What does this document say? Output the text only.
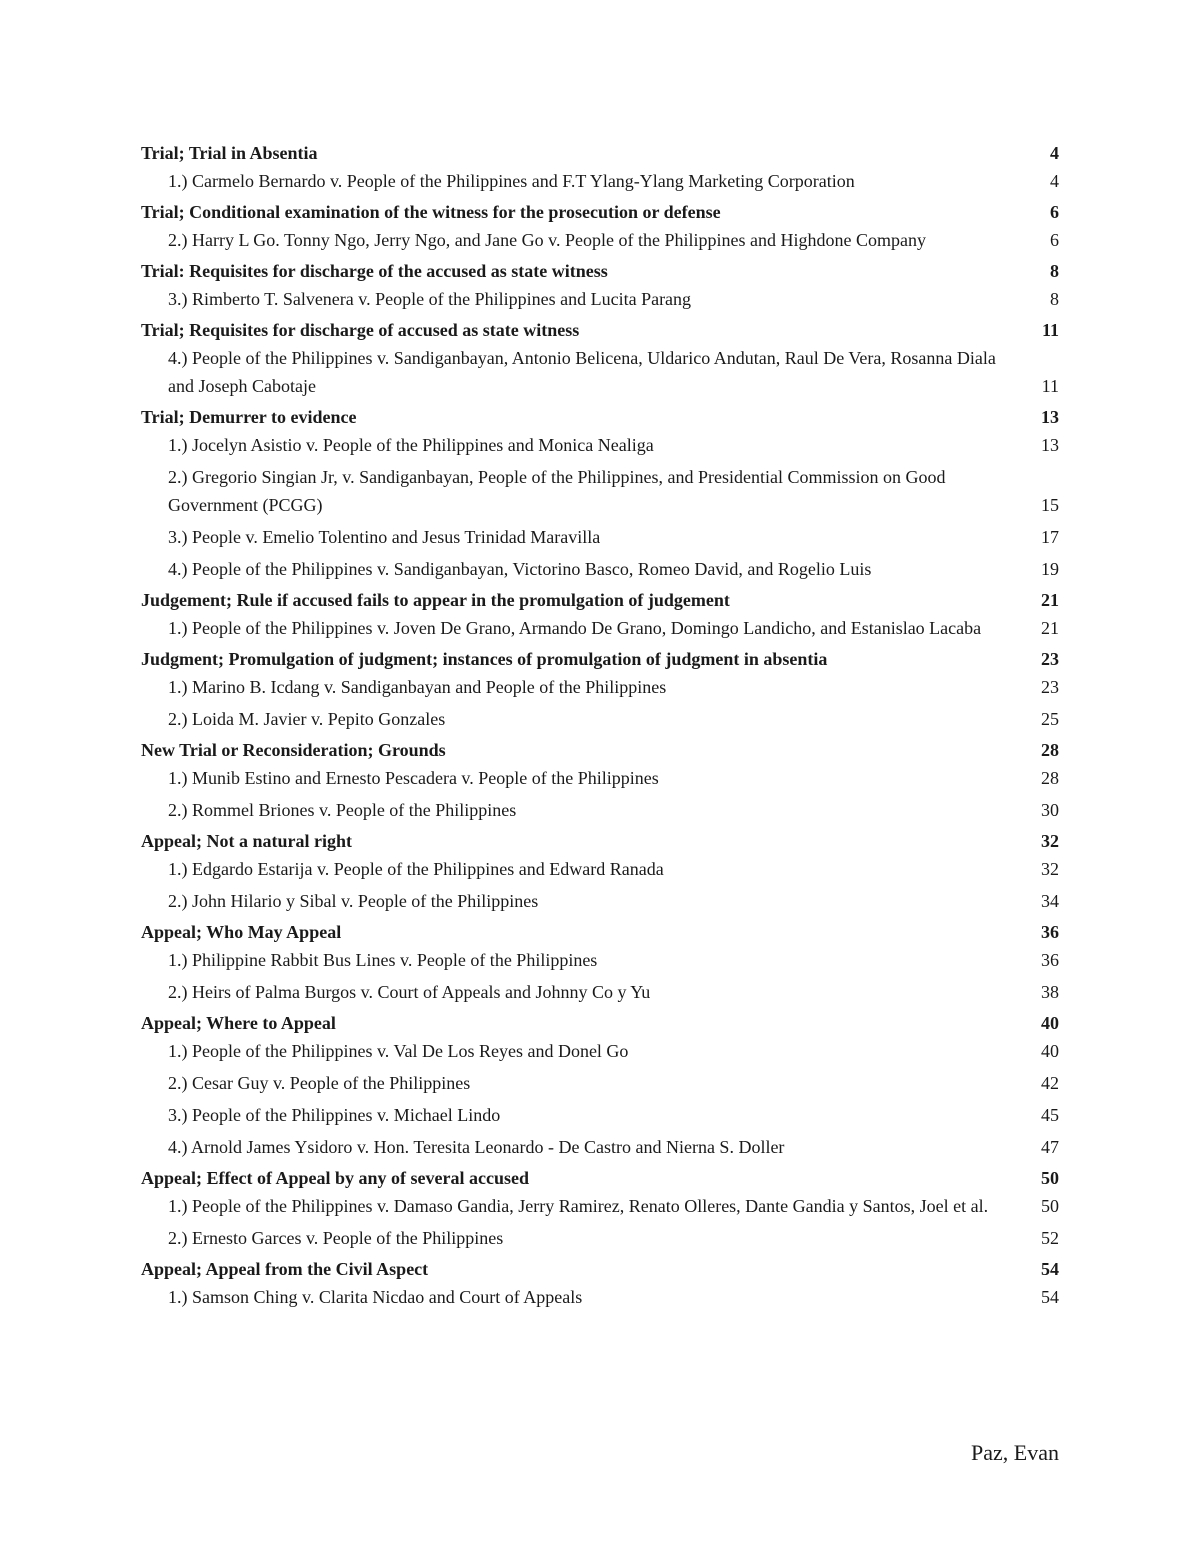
Trial; Trial in Absentia	4
1.) Carmelo Bernardo v. People of the Philippines and F.T Ylang-Ylang Marketing Corporation	4
Trial; Conditional examination of the witness for the prosecution or defense	6
2.) Harry L Go. Tonny Ngo, Jerry Ngo, and Jane Go v. People of the Philippines and Highdone Company	6
Trial: Requisites for discharge of the accused as state witness	8
3.) Rimberto T. Salvenera v. People of the Philippines and Lucita Parang	8
Trial; Requisites for discharge of accused as state witness	11
4.) People of the Philippines v. Sandiganbayan, Antonio Belicena, Uldarico Andutan, Raul De Vera, Rosanna Diala and Joseph Cabotaje	11
Trial; Demurrer to evidence	13
1.) Jocelyn Asistio v. People of the Philippines and Monica Nealiga	13
2.) Gregorio Singian Jr, v. Sandiganbayan, People of the Philippines, and Presidential Commission on Good Government (PCGG)	15
3.) People v. Emelio Tolentino and Jesus Trinidad Maravilla	17
4.) People of the Philippines v. Sandiganbayan, Victorino Basco, Romeo David, and Rogelio Luis	19
Judgement; Rule if accused fails to appear in the promulgation of judgement	21
1.) People of the Philippines v. Joven De Grano, Armando De Grano, Domingo Landicho, and Estanislao Lacaba	21
Judgment; Promulgation of judgment; instances of promulgation of judgment in absentia	23
1.) Marino B. Icdang v. Sandiganbayan and People of the Philippines	23
2.) Loida M. Javier v. Pepito Gonzales	25
New Trial or Reconsideration; Grounds	28
1.) Munib Estino and Ernesto Pescadera v. People of the Philippines	28
2.) Rommel Briones v. People of the Philippines	30
Appeal; Not a natural right	32
1.) Edgardo Estarija v. People of the Philippines and Edward Ranada	32
2.) John Hilario y Sibal v. People of the Philippines	34
Appeal; Who May Appeal	36
1.) Philippine Rabbit Bus Lines v. People of the Philippines	36
2.) Heirs of Palma Burgos v. Court of Appeals and Johnny Co y Yu	38
Appeal; Where to Appeal	40
1.) People of the Philippines v. Val De Los Reyes and Donel Go	40
2.) Cesar Guy v. People of the Philippines	42
3.) People of the Philippines v. Michael Lindo	45
4.) Arnold James Ysidoro v. Hon. Teresita Leonardo - De Castro and Nierna S. Doller	47
Appeal; Effect of Appeal by any of several accused	50
1.) People of the Philippines v. Damaso Gandia, Jerry Ramirez, Renato Olleres, Dante Gandia y Santos, Joel et al.	50
2.) Ernesto Garces v. People of the Philippines	52
Appeal; Appeal from the Civil Aspect	54
1.) Samson Ching v. Clarita Nicdao and Court of Appeals	54
Paz, Evan
